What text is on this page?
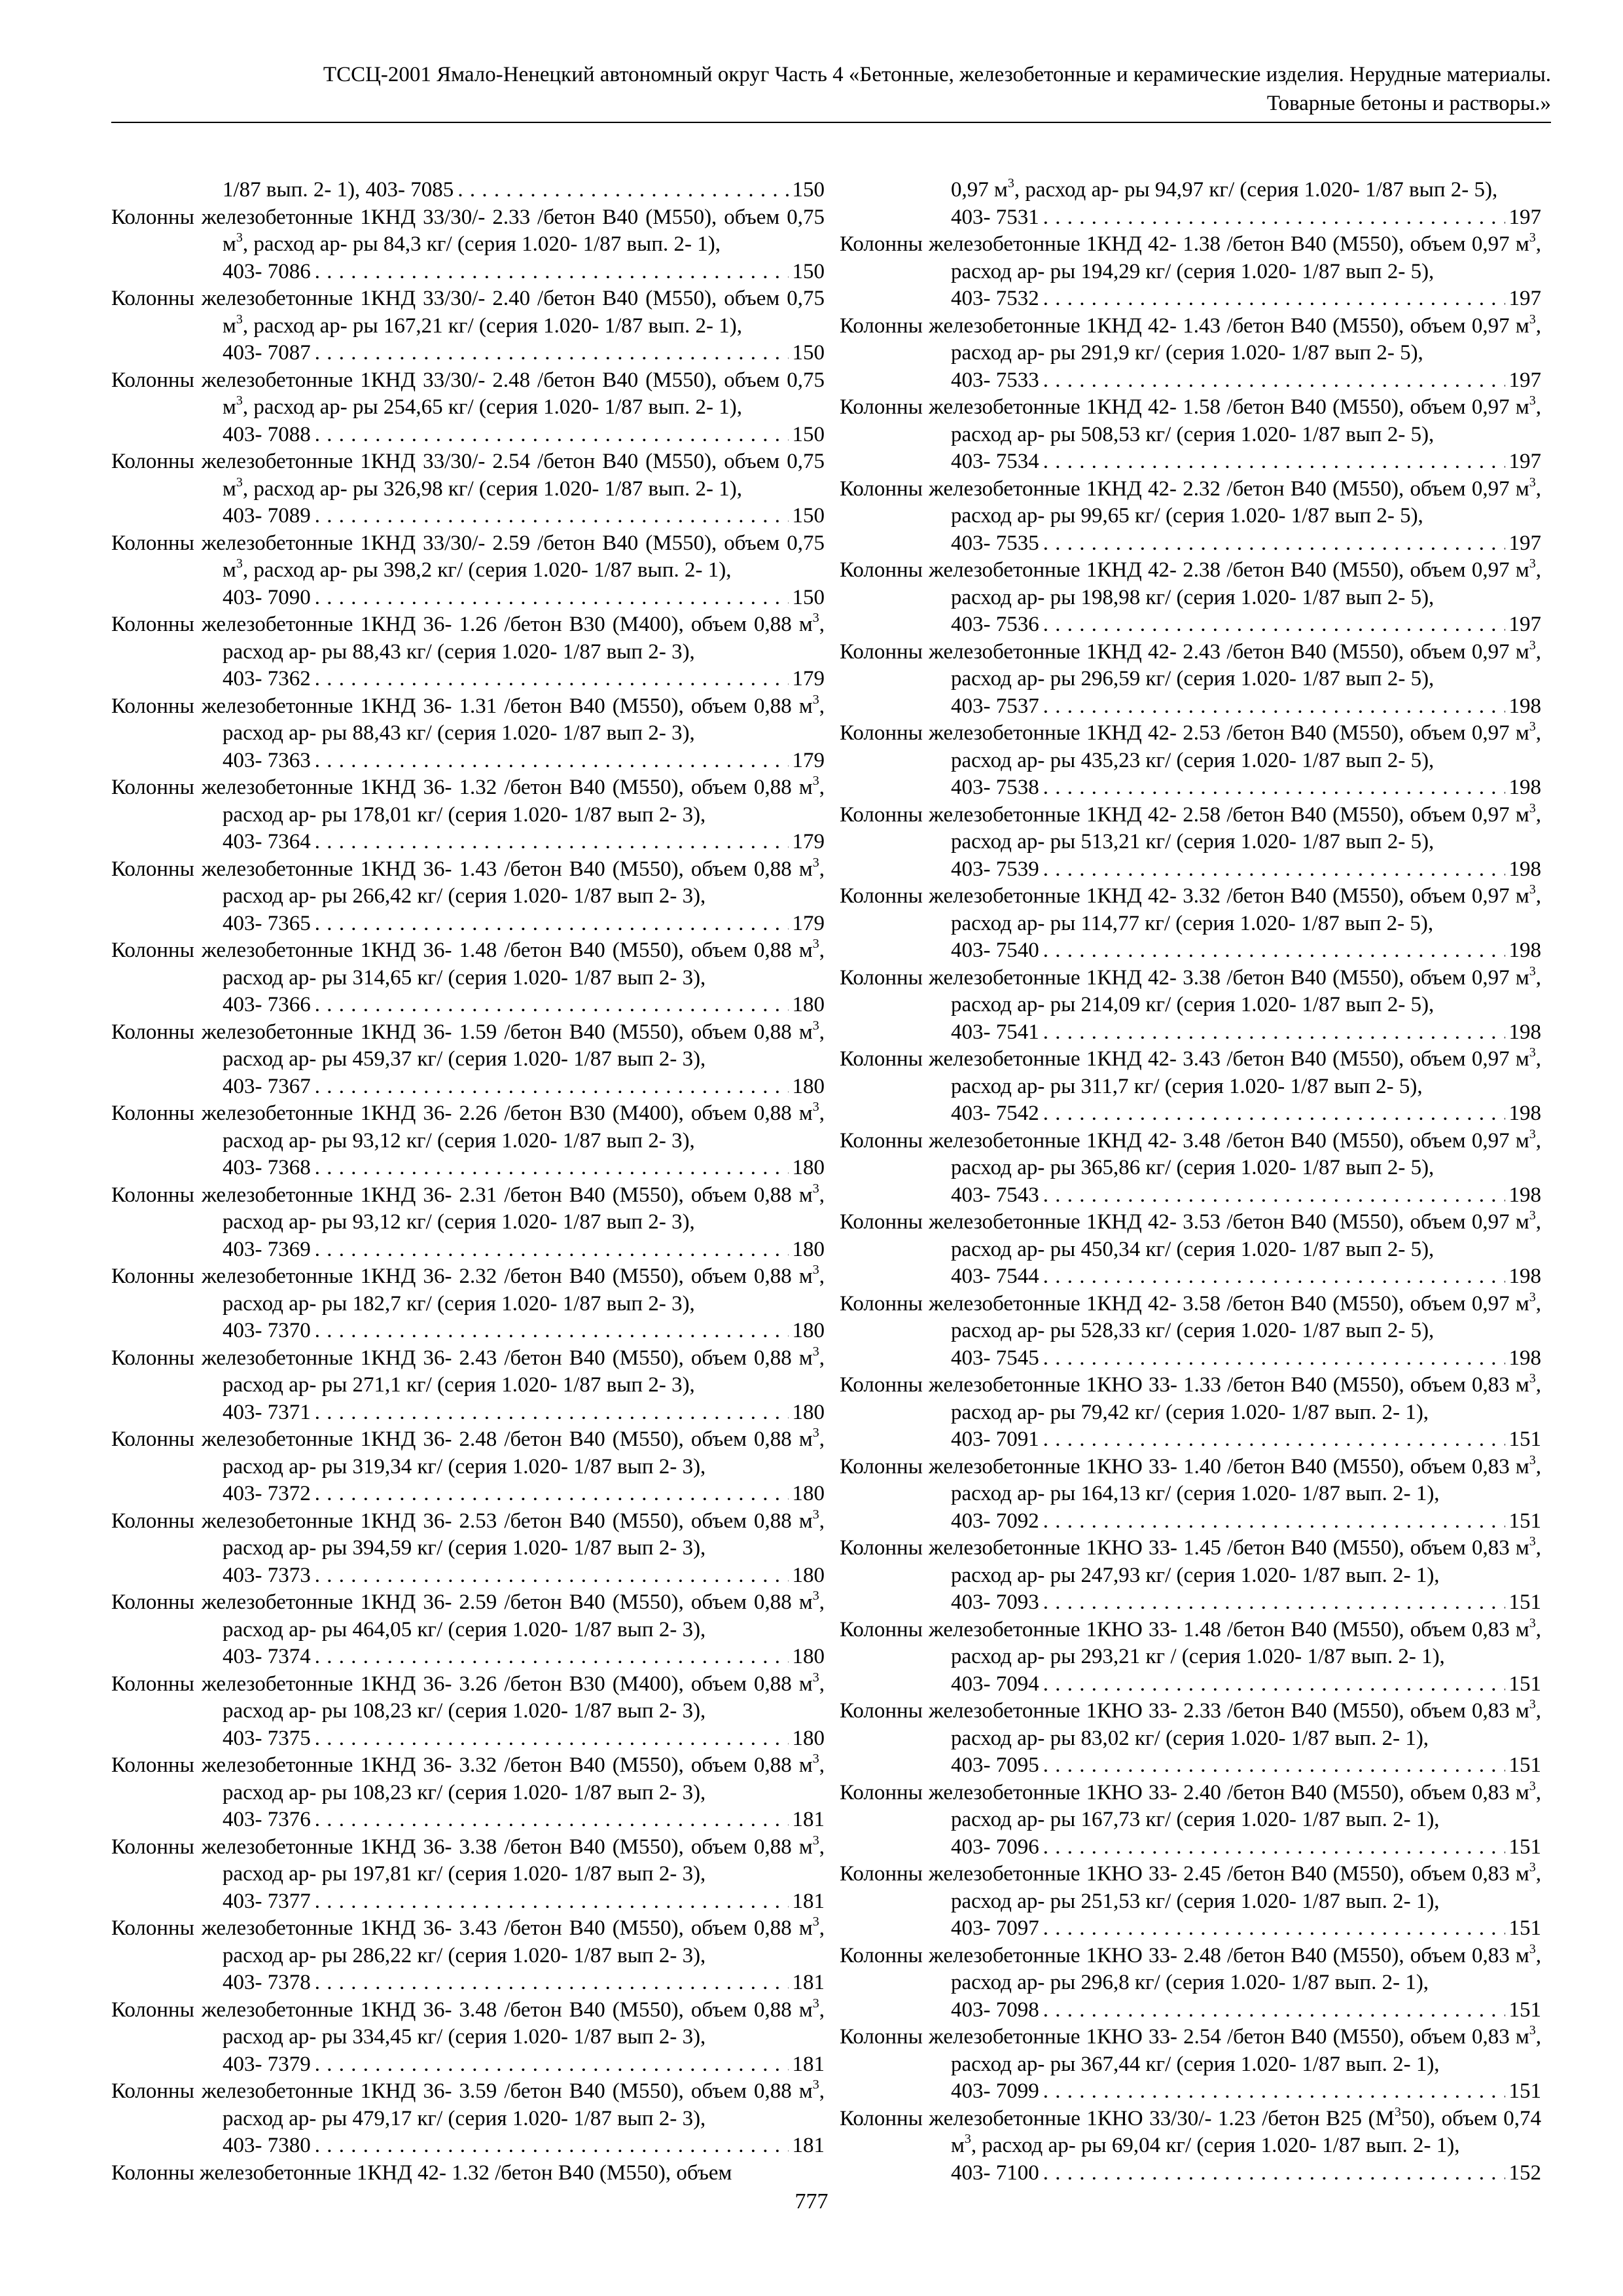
ТССЦ-2001 Ямало-Ненецкий автономный округ Часть 4 «Бетонные, железобетонные и керамические изделия. Нерудные материалы.
Товарные бетоны и растворы.»
1/87 вып. 2- 1), 403- 7085 . . .	150
Колонны железобетонные 1КНД 33/30/- 2.33 /бетон В40 (М550), объем 0,75 $м^3$, расход ар- ры 84,3 кг/ (серия 1.020- 1/87 вып. 2- 1),
403- 7086 . . .	150
Колонны железобетонные 1КНД 33/30/- 2.40 /бетон В40 (М550), объем 0,75 $м^3$, расход ар- ры 167,21 кг/ (серия 1.020- 1/87 вып. 2- 1),
403- 7087 . . .	150
Колонны железобетонные 1КНД 33/30/- 2.48 /бетон В40 (М550), объем 0,75 $м^3$, расход ар- ры 254,65 кг/ (серия 1.020- 1/87 вып. 2- 1),
403- 7088 . . .	150
Колонны железобетонные 1КНД 33/30/- 2.54 /бетон В40 (М550), объем 0,75 $м^3$, расход ар- ры 326,98 кг/ (серия 1.020- 1/87 вып. 2- 1),
403- 7089 . . .	150
Колонны железобетонные 1КНД 33/30/- 2.59 /бетон В40 (М550), объем 0,75 $м^3$, расход ар- ры 398,2 кг/ (серия 1.020- 1/87 вып. 2- 1),
403- 7090 . . .	150
Колонны железобетонные 1КНД 36- 1.26 /бетон В30 (М400), объем 0,88 $м^3$, расход ар- ры 88,43 кг/ (серия 1.020- 1/87 вып 2- 3),
403- 7362 . . .	179
Колонны железобетонные 1КНД 36- 1.31 /бетон В40 (М550), объем 0,88 $м^3$, расход ар- ры 88,43 кг/ (серия 1.020- 1/87 вып 2- 3),
403- 7363 . . .	179
Колонны железобетонные 1КНД 36- 1.32 /бетон В40 (М550), объем 0,88 $м^3$, расход ар- ры 178,01 кг/ (серия 1.020- 1/87 вып 2- 3),
403- 7364 . . .	179
Колонны железобетонные 1КНД 36- 1.43 /бетон В40 (М550), объем 0,88 $м^3$, расход ар- ры 266,42 кг/ (серия 1.020- 1/87 вып 2- 3),
403- 7365 . . .	179
Колонны железобетонные 1КНД 36- 1.48 /бетон В40 (М550), объем 0,88 $м^3$, расход ар- ры 314,65 кг/ (серия 1.020- 1/87 вып 2- 3),
403- 7366 . . .	180
Колонны железобетонные 1КНД 36- 1.59 /бетон В40 (М550), объем 0,88 $м^3$, расход ар- ры 459,37 кг/ (серия 1.020- 1/87 вып 2- 3),
403- 7367 . . .	180
Колонны железобетонные 1КНД 36- 2.26 /бетон В30 (М400), объем 0,88 $м^3$, расход ар- ры 93,12 кг/ (серия 1.020- 1/87 вып 2- 3),
403- 7368 . . .	180
Колонны железобетонные 1КНД 36- 2.31 /бетон В40 (М550), объем 0,88 $м^3$, расход ар- ры 93,12 кг/ (серия 1.020- 1/87 вып 2- 3),
403- 7369 . . .	180
Колонны железобетонные 1КНД 36- 2.32 /бетон В40 (М550), объем 0,88 $м^3$, расход ар- ры 182,7 кг/ (серия 1.020- 1/87 вып 2- 3),
403- 7370 . . .	180
Колонны железобетонные 1КНД 36- 2.43 /бетон В40 (М550), объем 0,88 $м^3$, расход ар- ры 271,1 кг/ (серия 1.020- 1/87 вып 2- 3),
403- 7371 . . .	180
Колонны железобетонные 1КНД 36- 2.48 /бетон В40 (М550), объем 0,88 $м^3$, расход ар- ры 319,34 кг/ (серия 1.020- 1/87 вып 2- 3),
403- 7372 . . .	180
Колонны железобетонные 1КНД 36- 2.53 /бетон В40 (М550), объем 0,88 $м^3$, расход ар- ры 394,59 кг/ (серия 1.020- 1/87 вып 2- 3),
403- 7373 . . .	180
Колонны железобетонные 1КНД 36- 2.59 /бетон В40 (М550), объем 0,88 $м^3$, расход ар- ры 464,05 кг/ (серия 1.020- 1/87 вып 2- 3),
403- 7374 . . .	180
Колонны железобетонные 1КНД 36- 3.26 /бетон В30 (М400), объем 0,88 $м^3$, расход ар- ры 108,23 кг/ (серия 1.020- 1/87 вып 2- 3),
403- 7375 . . .	180
Колонны железобетонные 1КНД 36- 3.32 /бетон В40 (М550), объем 0,88 $м^3$, расход ар- ры 108,23 кг/ (серия 1.020- 1/87 вып 2- 3),
403- 7376 . . .	181
Колонны железобетонные 1КНД 36- 3.38 /бетон В40 (М550), объем 0,88 $м^3$, расход ар- ры 197,81 кг/ (серия 1.020- 1/87 вып 2- 3),
403- 7377 . . .	181
Колонны железобетонные 1КНД 36- 3.43 /бетон В40 (М550), объем 0,88 $м^3$, расход ар- ры 286,22 кг/ (серия 1.020- 1/87 вып 2- 3),
403- 7378 . . .	181
Колонны железобетонные 1КНД 36- 3.48 /бетон В40 (М550), объем 0,88 $м^3$, расход ар- ры 334,45 кг/ (серия 1.020- 1/87 вып 2- 3),
403- 7379 . . .	181
Колонны железобетонные 1КНД 36- 3.59 /бетон В40 (М550), объем 0,88 $м^3$, расход ар- ры 479,17 кг/ (серия 1.020- 1/87 вып 2- 3),
403- 7380 . . .	181
Колонны железобетонные 1КНД 42- 1.32 /бетон В40 (М550), объем
0,97 $м^3$, расход ар- ры 94,97 кг/ (серия 1.020- 1/87 вып 2- 5),
403- 7531 . . .	197
Колонны железобетонные 1КНД 42- 1.38 /бетон В40 (М550), объем 0,97 $м^3$, расход ар- ры 194,29 кг/ (серия 1.020- 1/87 вып 2- 5),
403- 7532 . . .	197
Колонны железобетонные 1КНД 42- 1.43 /бетон В40 (М550), объем 0,97 $м^3$, расход ар- ры 291,9 кг/ (серия 1.020- 1/87 вып 2- 5),
403- 7533 . . .	197
Колонны железобетонные 1КНД 42- 1.58 /бетон В40 (М550), объем 0,97 $м^3$, расход ар- ры 508,53 кг/ (серия 1.020- 1/87 вып 2- 5),
403- 7534 . . .	197
Колонны железобетонные 1КНД 42- 2.32 /бетон В40 (М550), объем 0,97 $м^3$, расход ар- ры 99,65 кг/ (серия 1.020- 1/87 вып 2- 5),
403- 7535 . . .	197
Колонны железобетонные 1КНД 42- 2.38 /бетон В40 (М550), объем 0,97 $м^3$, расход ар- ры 198,98 кг/ (серия 1.020- 1/87 вып 2- 5),
403- 7536 . . .	197
Колонны железобетонные 1КНД 42- 2.43 /бетон В40 (М550), объем 0,97 $м^3$, расход ар- ры 296,59 кг/ (серия 1.020- 1/87 вып 2- 5),
403- 7537 . . .	198
Колонны железобетонные 1КНД 42- 2.53 /бетон В40 (М550), объем 0,97 $м^3$, расход ар- ры 435,23 кг/ (серия 1.020- 1/87 вып 2- 5),
403- 7538 . . .	198
Колонны железобетонные 1КНД 42- 2.58 /бетон В40 (М550), объем 0,97 $м^3$, расход ар- ры 513,21 кг/ (серия 1.020- 1/87 вып 2- 5),
403- 7539 . . .	198
Колонны железобетонные 1КНД 42- 3.32 /бетон В40 (М550), объем 0,97 $м^3$, расход ар- ры 114,77 кг/ (серия 1.020- 1/87 вып 2- 5),
403- 7540 . . .	198
Колонны железобетонные 1КНД 42- 3.38 /бетон В40 (М550), объем 0,97 $м^3$, расход ар- ры 214,09 кг/ (серия 1.020- 1/87 вып 2- 5),
403- 7541 . . .	198
Колонны железобетонные 1КНД 42- 3.43 /бетон В40 (М550), объем 0,97 $м^3$, расход ар- ры 311,7 кг/ (серия 1.020- 1/87 вып 2- 5),
403- 7542 . . .	198
Колонны железобетонные 1КНД 42- 3.48 /бетон В40 (М550), объем 0,97 $м^3$, расход ар- ры 365,86 кг/ (серия 1.020- 1/87 вып 2- 5),
403- 7543 . . .	198
Колонны железобетонные 1КНД 42- 3.53 /бетон В40 (М550), объем 0,97 $м^3$, расход ар- ры 450,34 кг/ (серия 1.020- 1/87 вып 2- 5),
403- 7544 . . .	198
Колонны железобетонные 1КНД 42- 3.58 /бетон В40 (М550), объем 0,97 $м^3$, расход ар- ры 528,33 кг/ (серия 1.020- 1/87 вып 2- 5),
403- 7545 . . .	198
Колонны железобетонные 1КНО 33- 1.33 /бетон В40 (М550), объем 0,83 $м^3$, расход ар- ры 79,42 кг/ (серия 1.020- 1/87 вып. 2- 1),
403- 7091 . . .	151
Колонны железобетонные 1КНО 33- 1.40 /бетон В40 (М550), объем 0,83 $м^3$, расход ар- ры 164,13 кг/ (серия 1.020- 1/87 вып. 2- 1),
403- 7092 . . .	151
Колонны железобетонные 1КНО 33- 1.45 /бетон В40 (М550), объем 0,83 $м^3$, расход ар- ры 247,93 кг/ (серия 1.020- 1/87 вып. 2- 1),
403- 7093 . . .	151
Колонны железобетонные 1КНО 33- 1.48 /бетон В40 (М550), объем 0,83 $м^3$, расход ар- ры 293,21 кг / (серия 1.020- 1/87 вып. 2- 1),
403- 7094 . . .	151
Колонны железобетонные 1КНО 33- 2.33 /бетон В40 (М550), объем 0,83 $м^3$, расход ар- ры 83,02 кг/ (серия 1.020- 1/87 вып. 2- 1),
403- 7095 . . .	151
Колонны железобетонные 1КНО 33- 2.40 /бетон В40 (М550), объем 0,83 $м^3$, расход ар- ры 167,73 кг/ (серия 1.020- 1/87 вып. 2- 1),
403- 7096 . . .	151
Колонны железобетонные 1КНО 33- 2.45 /бетон В40 (М550), объем 0,83 $м^3$, расход ар- ры 251,53 кг/ (серия 1.020- 1/87 вып. 2- 1),
403- 7097 . . .	151
Колонны железобетонные 1КНО 33- 2.48 /бетон В40 (М550), объем 0,83 $м^3$, расход ар- ры 296,8 кг/ (серия 1.020- 1/87 вып. 2- 1),
403- 7098 . . .	151
Колонны железобетонные 1КНО 33- 2.54 /бетон В40 (М550), объем 0,83 $м^3$, расход ар- ры 367,44 кг/ (серия 1.020- 1/87 вып. 2- 1),
403- 7099 . . .	151
Колонны железобетонные 1КНО 33/30/- 1.23 /бетон В25 $(М^350)$, объем 0,74 $м^3$, расход ар- ры 69,04 кг/ (серия 1.020- 1/87 вып. 2- 1),
403- 7100 . . .	152
777
